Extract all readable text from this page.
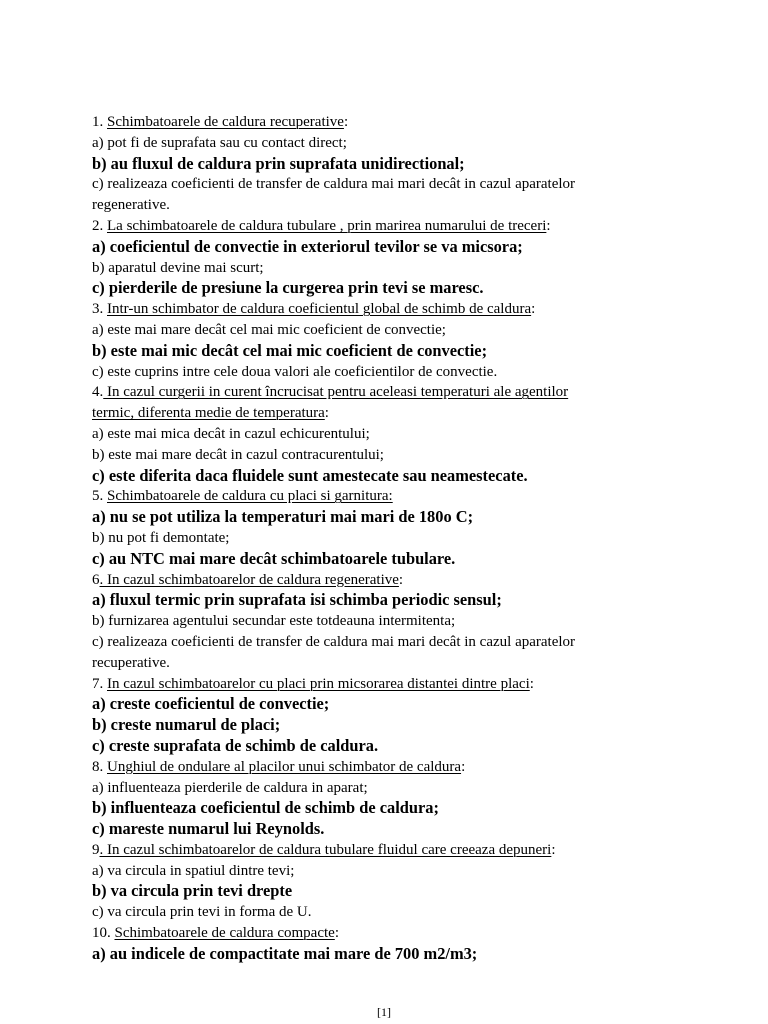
1. Schimbatoarele de caldura recuperative:
a) pot fi de suprafata sau cu contact direct;
b) au fluxul de caldura prin suprafata unidirectional;
c) realizeaza coeficienti de transfer de caldura mai mari decât in cazul aparatelor
regenerative.
2. La schimbatoarele de caldura tubulare , prin marirea numarului de treceri:
a) coeficientul de convectie in exteriorul tevilor se va micsora;
b) aparatul devine mai scurt;
c) pierderile de presiune la curgerea prin tevi se maresc.
3. Intr-un schimbator de caldura coeficientul global de schimb de caldura:
a) este mai mare decât cel mai mic coeficient de convectie;
b) este mai mic decât cel mai mic coeficient de convectie;
c) este cuprins intre cele doua valori ale coeficientilor de convectie.
4. In cazul curgerii in curent încrucisat pentru aceleasi temperaturi ale agentilor
termic, diferenta medie de temperatura:
a) este mai mica decât in cazul echicurentului;
b) este mai mare decât in cazul contracurentului;
c) este diferita daca fluidele sunt amestecate sau neamestecate.
5. Schimbatoarele de caldura cu placi si garnitura:
a) nu se pot utiliza la temperaturi mai mari de 180o C;
b) nu pot fi demontate;
c) au NTC mai mare decât schimbatoarele tubulare.
6. In cazul schimbatoarelor de caldura regenerative:
a) fluxul termic prin suprafata isi schimba periodic sensul;
b) furnizarea agentului secundar este totdeauna intermitenta;
c) realizeaza coeficienti de transfer de caldura mai mari decât in cazul aparatelor
recuperative.
7. In cazul schimbatoarelor cu placi prin micsorarea distantei dintre placi:
a) creste coeficientul de convectie;
b) creste numarul de placi;
c) creste suprafata de schimb de caldura.
8. Unghiul de ondulare al placilor unui schimbator de caldura:
a) influenteaza pierderile de caldura in aparat;
b) influenteaza coeficientul de schimb de caldura;
c) mareste numarul lui Reynolds.
9. In cazul schimbatoarelor de caldura tubulare fluidul care creeaza depuneri:
a) va circula in spatiul dintre tevi;
b) va circula prin tevi drepte
c) va circula prin tevi in forma de U.
10. Schimbatoarele de caldura compacte:
a) au indicele de compactitate mai mare de 700 m2/m3;
[1]
